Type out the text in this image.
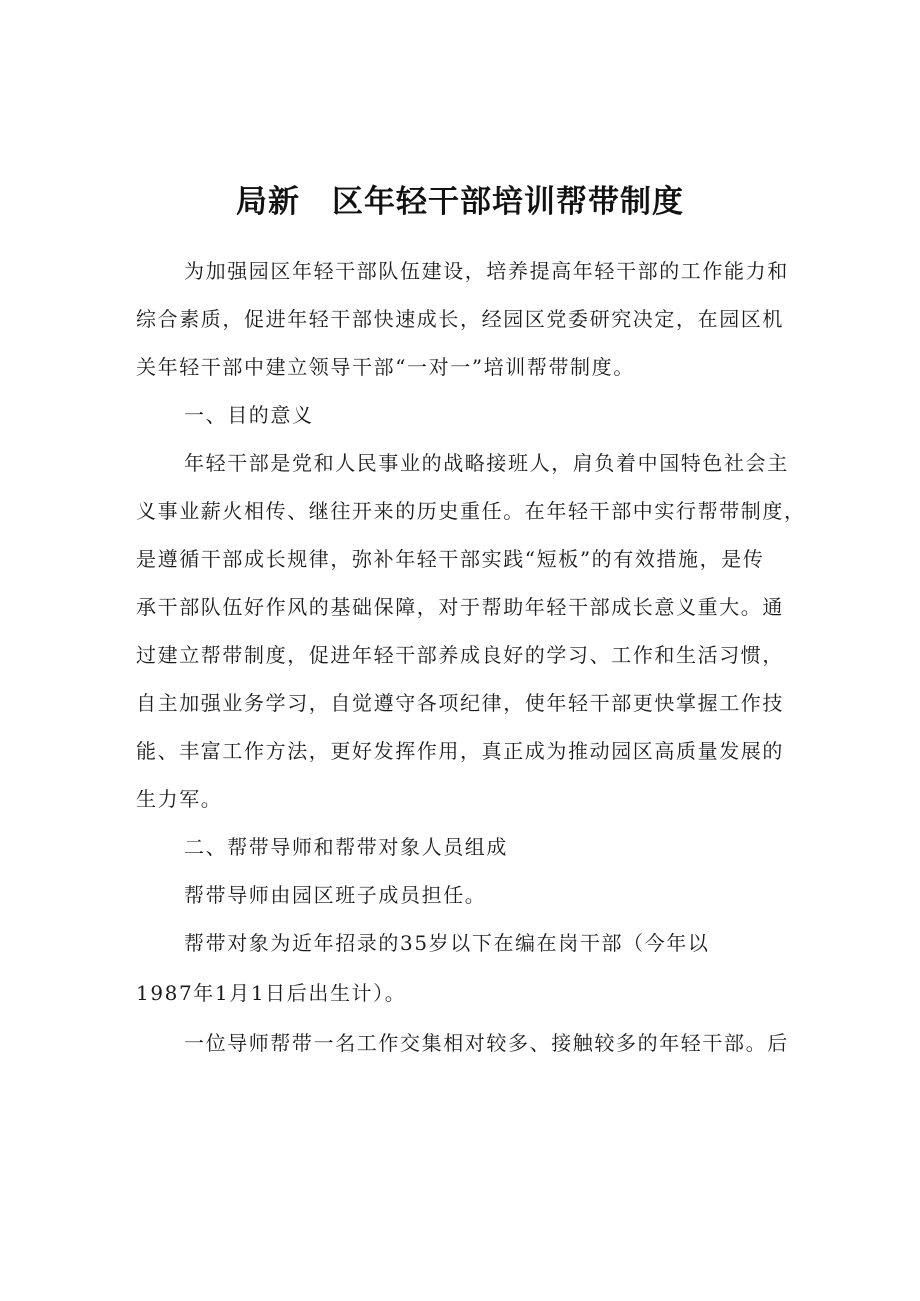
局新　区年轻干部培训帮带制度

为加强园区年轻干部队伍建设，培养提高年轻干部的工作能力和

综合素质，促进年轻干部快速成长，经园区党委研究决定，在园区机

关年轻干部中建立领导干部“一对一”培训帮带制度。

一、目的意义

年轻干部是党和人民事业的战略接班人，肩负着中国特色社会主

义事业薪火相传、继往开来的历史重任。在年轻干部中实行帮带制度，

是遵循干部成长规律，弥补年轻干部实践“短板”的有效措施，是传

承干部队伍好作风的基础保障，对于帮助年轻干部成长意义重大。通

过建立帮带制度，促进年轻干部养成良好的学习、工作和生活习惯，

自主加强业务学习，自觉遵守各项纪律，使年轻干部更快掌握工作技

能、丰富工作方法，更好发挥作用，真正成为推动园区高质量发展的

生力军。

二、帮带导师和帮带对象人员组成

帮带导师由园区班子成员担任。

帮带对象为近年招录的35岁以下在编在岗干部（今年以

1987年1月1日后出生计）。

一位导师帮带一名工作交集相对较多、接触较多的年轻干部。后
